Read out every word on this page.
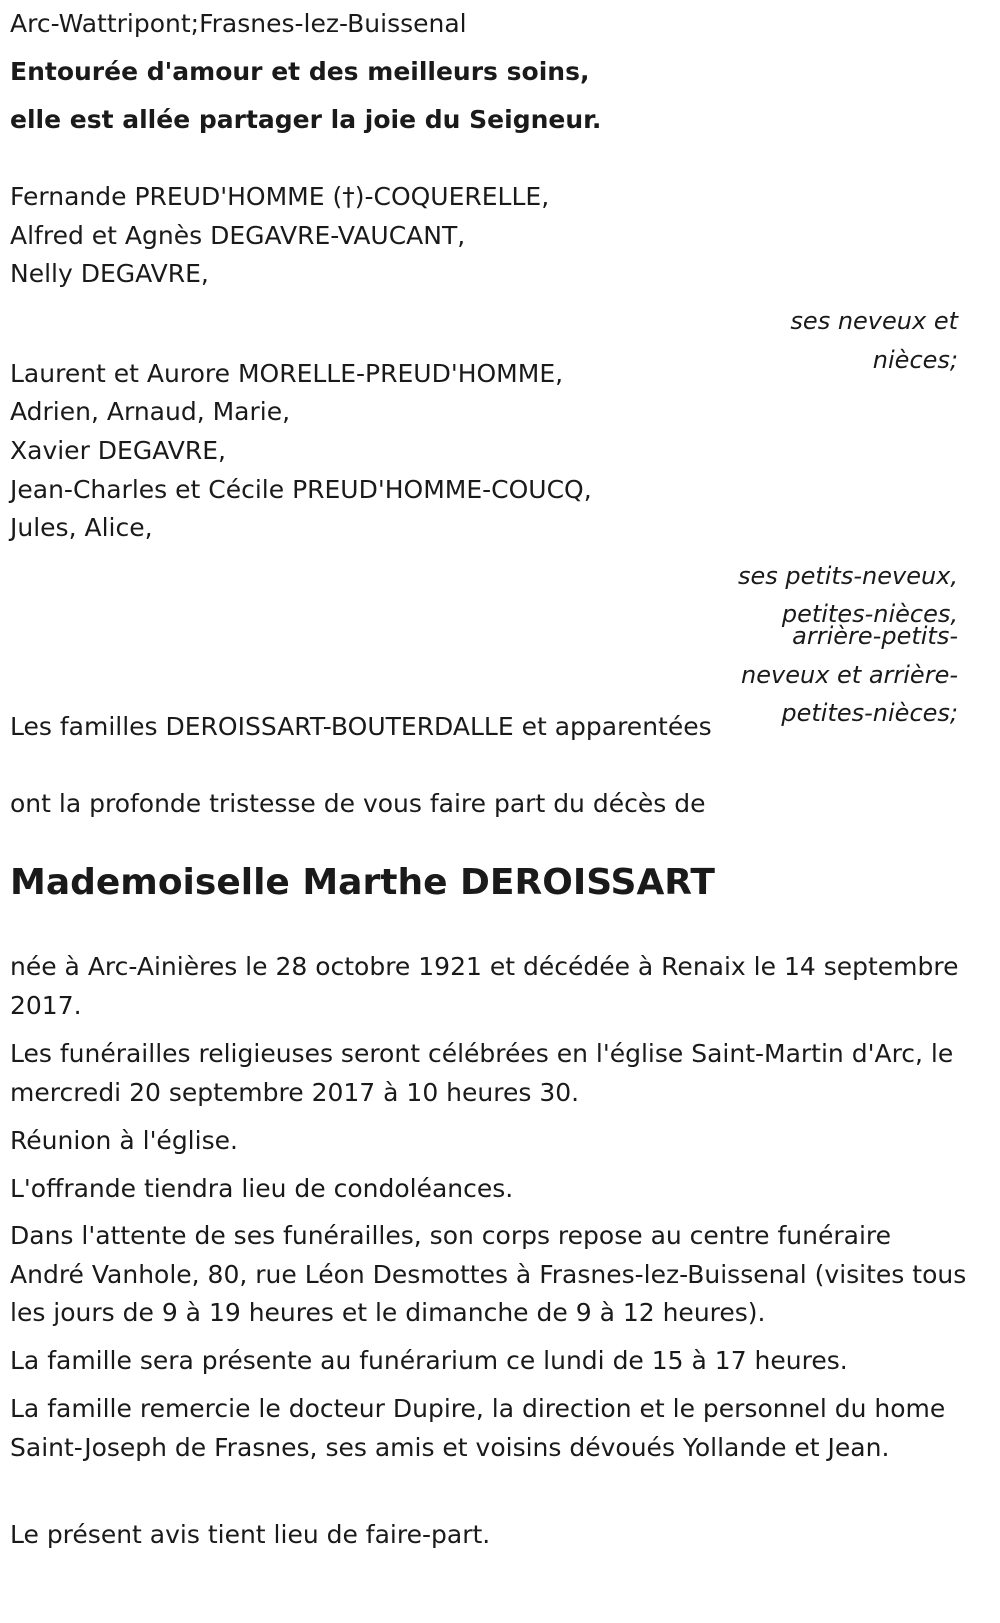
Arc-Wattripont;Frasnes-lez-Buissenal

Entourée d'amour et des meilleurs soins,

elle est allée partager la joie du Seigneur.

Fernande PREUD'HOMME (†)-COQUERELLE,

Alfred et Agnès DEGAVRE-VAUCANT,

Nelly DEGAVRE,

ses neveux et

nièces;

Laurent et Aurore MORELLE-PREUD'HOMME,

Adrien, Arnaud, Marie,

Xavier DEGAVRE,

Jean-Charles et Cécile PREUD'HOMME-COUCQ,

Jules, Alice,

ses petits-neveux,

petites-nièces,

arrière-petits-

neveux et arrière-

petites-nièces;

Les familles DEROISSART-BOUTERDALLE et apparentées

ont la profonde tristesse de vous faire part du décès de

Mademoiselle Marthe DEROISSART

née à Arc-Ainières le 28 octobre 1921 et décédée à Renaix le 14 septembre 2017.

Les funérailles religieuses seront célébrées en l'église Saint-Martin d'Arc, le mercredi 20 septembre 2017 à 10 heures 30.

Réunion à l'église.

L'offrande tiendra lieu de condoléances.

Dans l'attente de ses funérailles, son corps repose au centre funéraire André Vanhole, 80, rue Léon Desmottes à Frasnes-lez-Buissenal (visites tous les jours de 9 à 19 heures et le dimanche de 9 à 12 heures).

La famille sera présente au funérarium ce lundi de 15 à 17 heures.

La famille remercie le docteur Dupire, la direction et le personnel du home Saint-Joseph de Frasnes, ses amis et voisins dévoués Yollande et Jean.

Le présent avis tient lieu de faire-part.
